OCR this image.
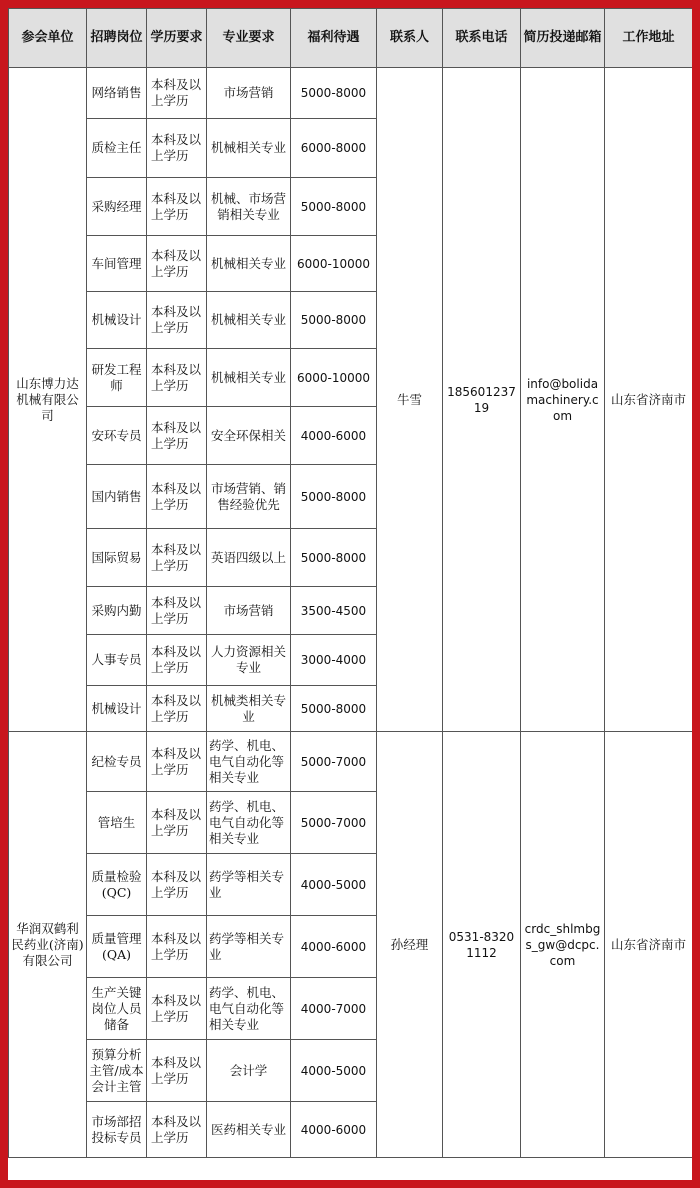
参会单位	招聘岗位	学历要求	专业要求	福利待遇	联系人	联系电话	简历投递邮箱	工作地址
山东博力达机械有限公司	网络销售	本科及以上学历	市场营销	5000-8000	牛雪	18560123719	info@bolidamachinery.com	山东省济南市
	质检主任	本科及以上学历	机械相关专业	6000-8000				
	采购经理	本科及以上学历	机械、市场营销相关专业	5000-8000				
	车间管理	本科及以上学历	机械相关专业	6000-10000				
	机械设计	本科及以上学历	机械相关专业	5000-8000				
	研发工程师	本科及以上学历	机械相关专业	6000-10000				
	安环专员	本科及以上学历	安全环保相关	4000-6000				
	国内销售	本科及以上学历	市场营销、销售经验优先	5000-8000				
	国际贸易	本科及以上学历	英语四级以上	5000-8000				
	采购内勤	本科及以上学历	市场营销	3500-4500				
	人事专员	本科及以上学历	人力资源相关专业	3000-4000				
	机械设计	本科及以上学历	机械类相关专业	5000-8000				
华润双鹤利民药业(济南)有限公司	纪检专员	本科及以上学历	药学、机电、电气自动化等相关专业	5000-7000	孙经理	0531-83201112	crdc_shlmbgs_gw@dcpc.com	山东省济南市
	管培生	本科及以上学历	药学、机电、电气自动化等相关专业	5000-7000				
	质量检验(QC)	本科及以上学历	药学等相关专业	4000-5000				
	质量管理(QA)	本科及以上学历	药学等相关专业	4000-6000				
	生产关键岗位人员储备	本科及以上学历	药学、机电、电气自动化等相关专业	4000-7000				
	预算分析主管/成本会计主管	本科及以上学历	会计学	4000-5000				
	市场部招投标专员	本科及以上学历	医药相关专业	4000-6000				
